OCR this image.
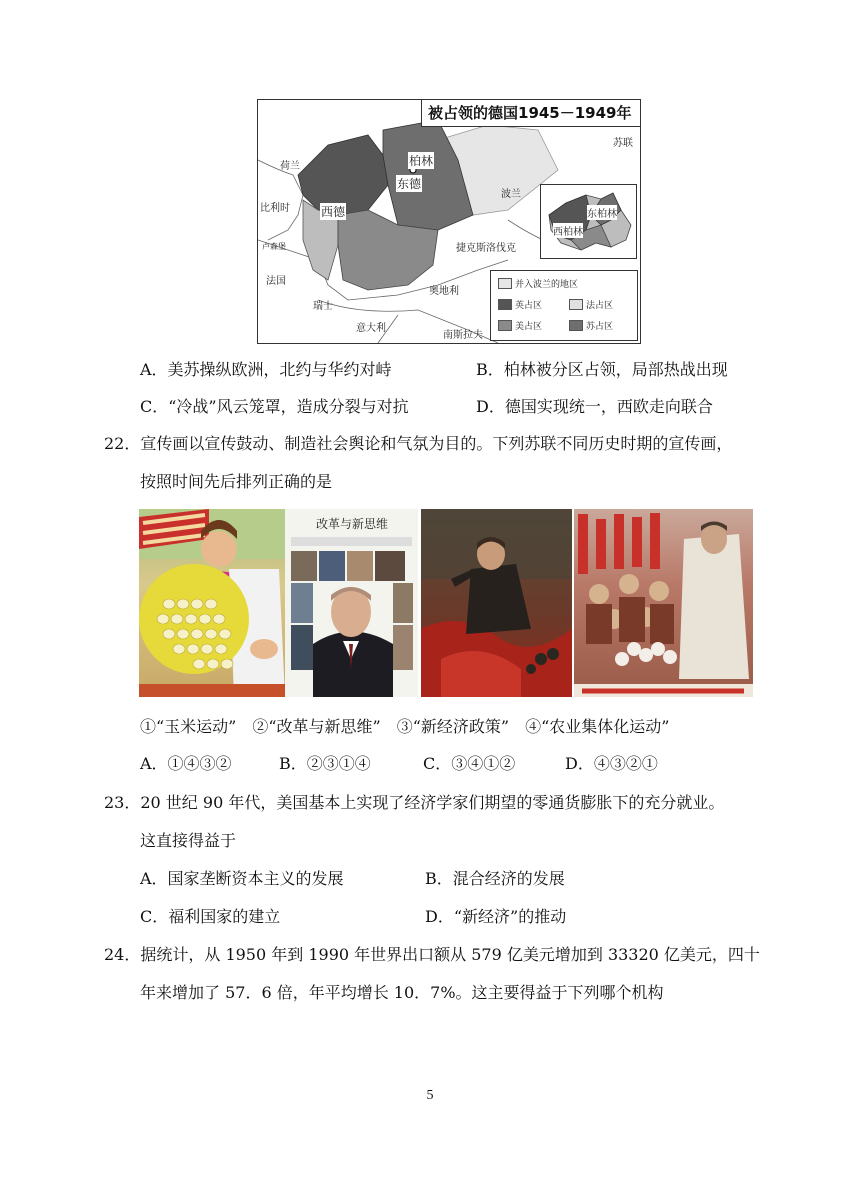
被占领的德国1945－1949年
苏联
荷兰	柏林
东德
西德
比利时
卢森堡
波兰
捷克斯洛伐克
法国
奥地利
瑞士
意大利
南斯拉夫
东柏林
西柏林
并入波兰的地区
英占区	法占区
美占区	苏占区
A．美苏操纵欧洲，北约与华约对峙	B．柏林被分区占领，局部热战出现
C．“冷战”风云笼罩，造成分裂与对抗	D．德国实现统一，西欧走向联合
22．宣传画以宣传鼓动、制造社会舆论和气氛为目的。下列苏联不同历史时期的宣传画，
按照时间先后排列正确的是
改革与新思维
①“玉米运动”　②“改革与新思维”　③“新经济政策”　④“农业集体化运动”
A．①④③②	B．②③①④	C．③④①②	D．④③②①
23．20 世纪 90 年代，美国基本上实现了经济学家们期望的零通货膨胀下的充分就业。
这直接得益于
A．国家垄断资本主义的发展	B．混合经济的发展
C．福利国家的建立	D．“新经济”的推动
24．据统计，从 1950 年到 1990 年世界出口额从 579 亿美元增加到 33320 亿美元，四十
年来增加了 57．6 倍，年平均增长 10．7%。这主要得益于下列哪个机构
5
